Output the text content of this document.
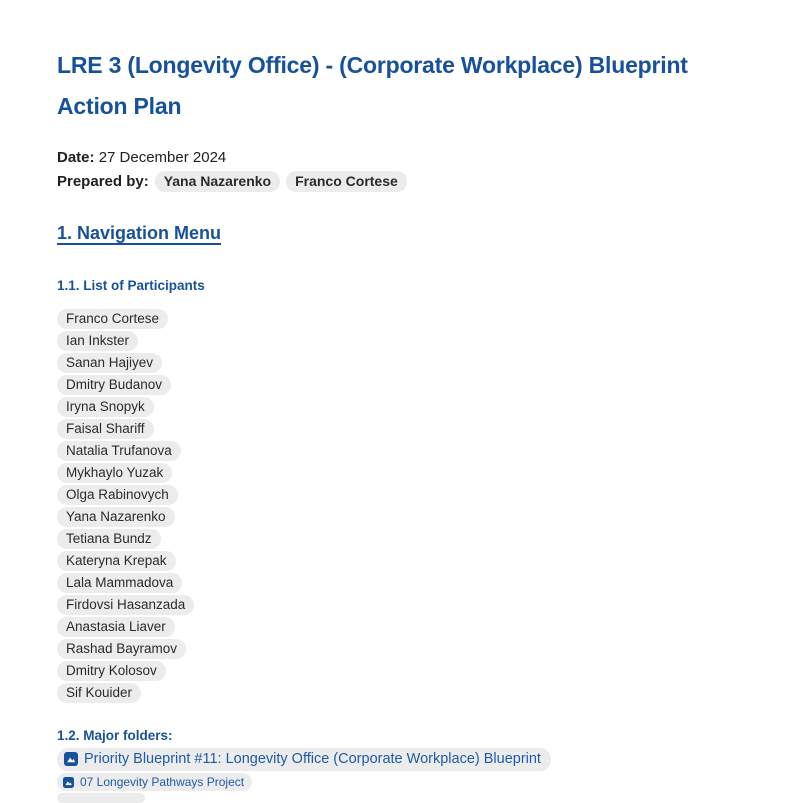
LRE 3 (Longevity Office) - (Corporate Workplace) Blueprint  Action Plan
Date: 27 December 2024
Prepared by:	Yana Nazarenko	Franco Cortese
1. Navigation Menu
1.1. List of Participants
Franco Cortese
Ian Inkster
Sanan Hajiyev
Dmitry Budanov
Iryna Snopyk
Faisal Shariff
Natalia Trufanova
Mykhaylo Yuzak
Olga Rabinovych
Yana Nazarenko
Tetiana Bundz
Kateryna Krepak
Lala Mammadova
Firdovsi Hasanzada
Anastasia Liaver
Rashad Bayramov
Dmitry Kolosov
Sif Kouider
1.2. Major folders:
Priority Blueprint #11: Longevity Office (Corporate Workplace) Blueprint
07 Longevity Pathways Project
